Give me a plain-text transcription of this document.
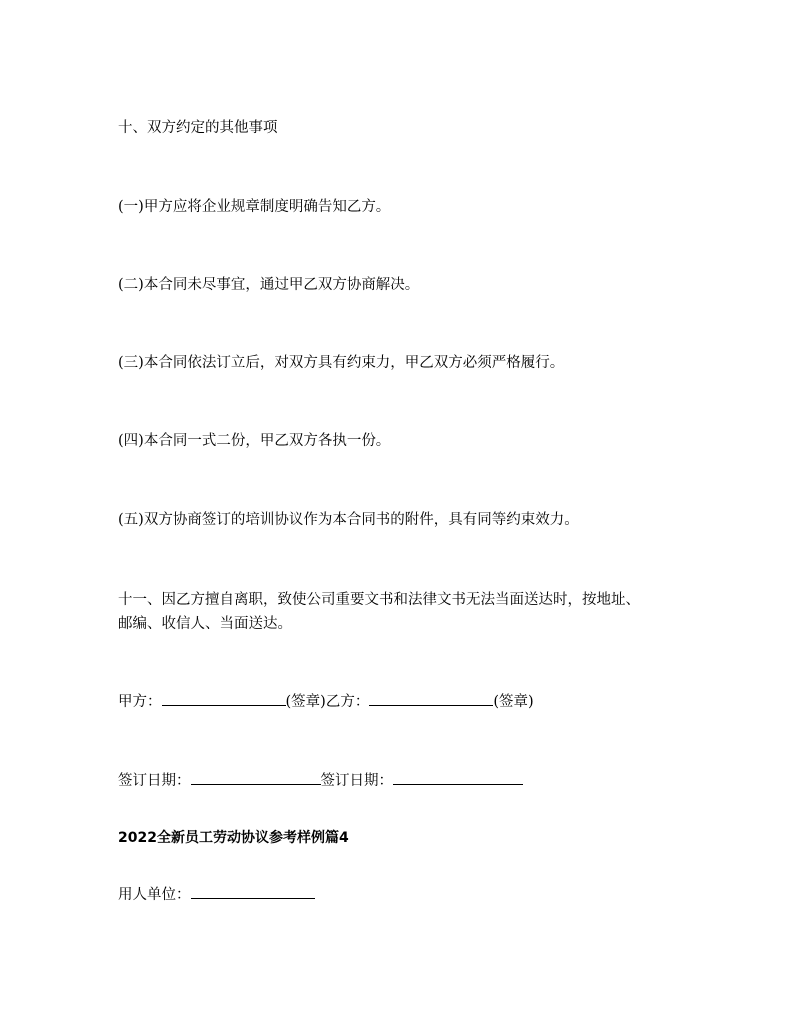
十、双方约定的其他事项

(一)甲方应将企业规章制度明确告知乙方。

(二)本合同未尽事宜，通过甲乙双方协商解决。

(三)本合同依法订立后，对双方具有约束力，甲乙双方必须严格履行。

(四)本合同一式二份，甲乙双方各执一份。

(五)双方协商签订的培训协议作为本合同书的附件，具有同等约束效力。

十一、因乙方擅自离职，致使公司重要文书和法律文书无法当面送达时，按地址、

邮编、收信人、当面送达。

甲方：	(签章)乙方：	(签章)

签订日期：	签订日期：

2022全新员工劳动协议参考样例篇4

用人单位：
